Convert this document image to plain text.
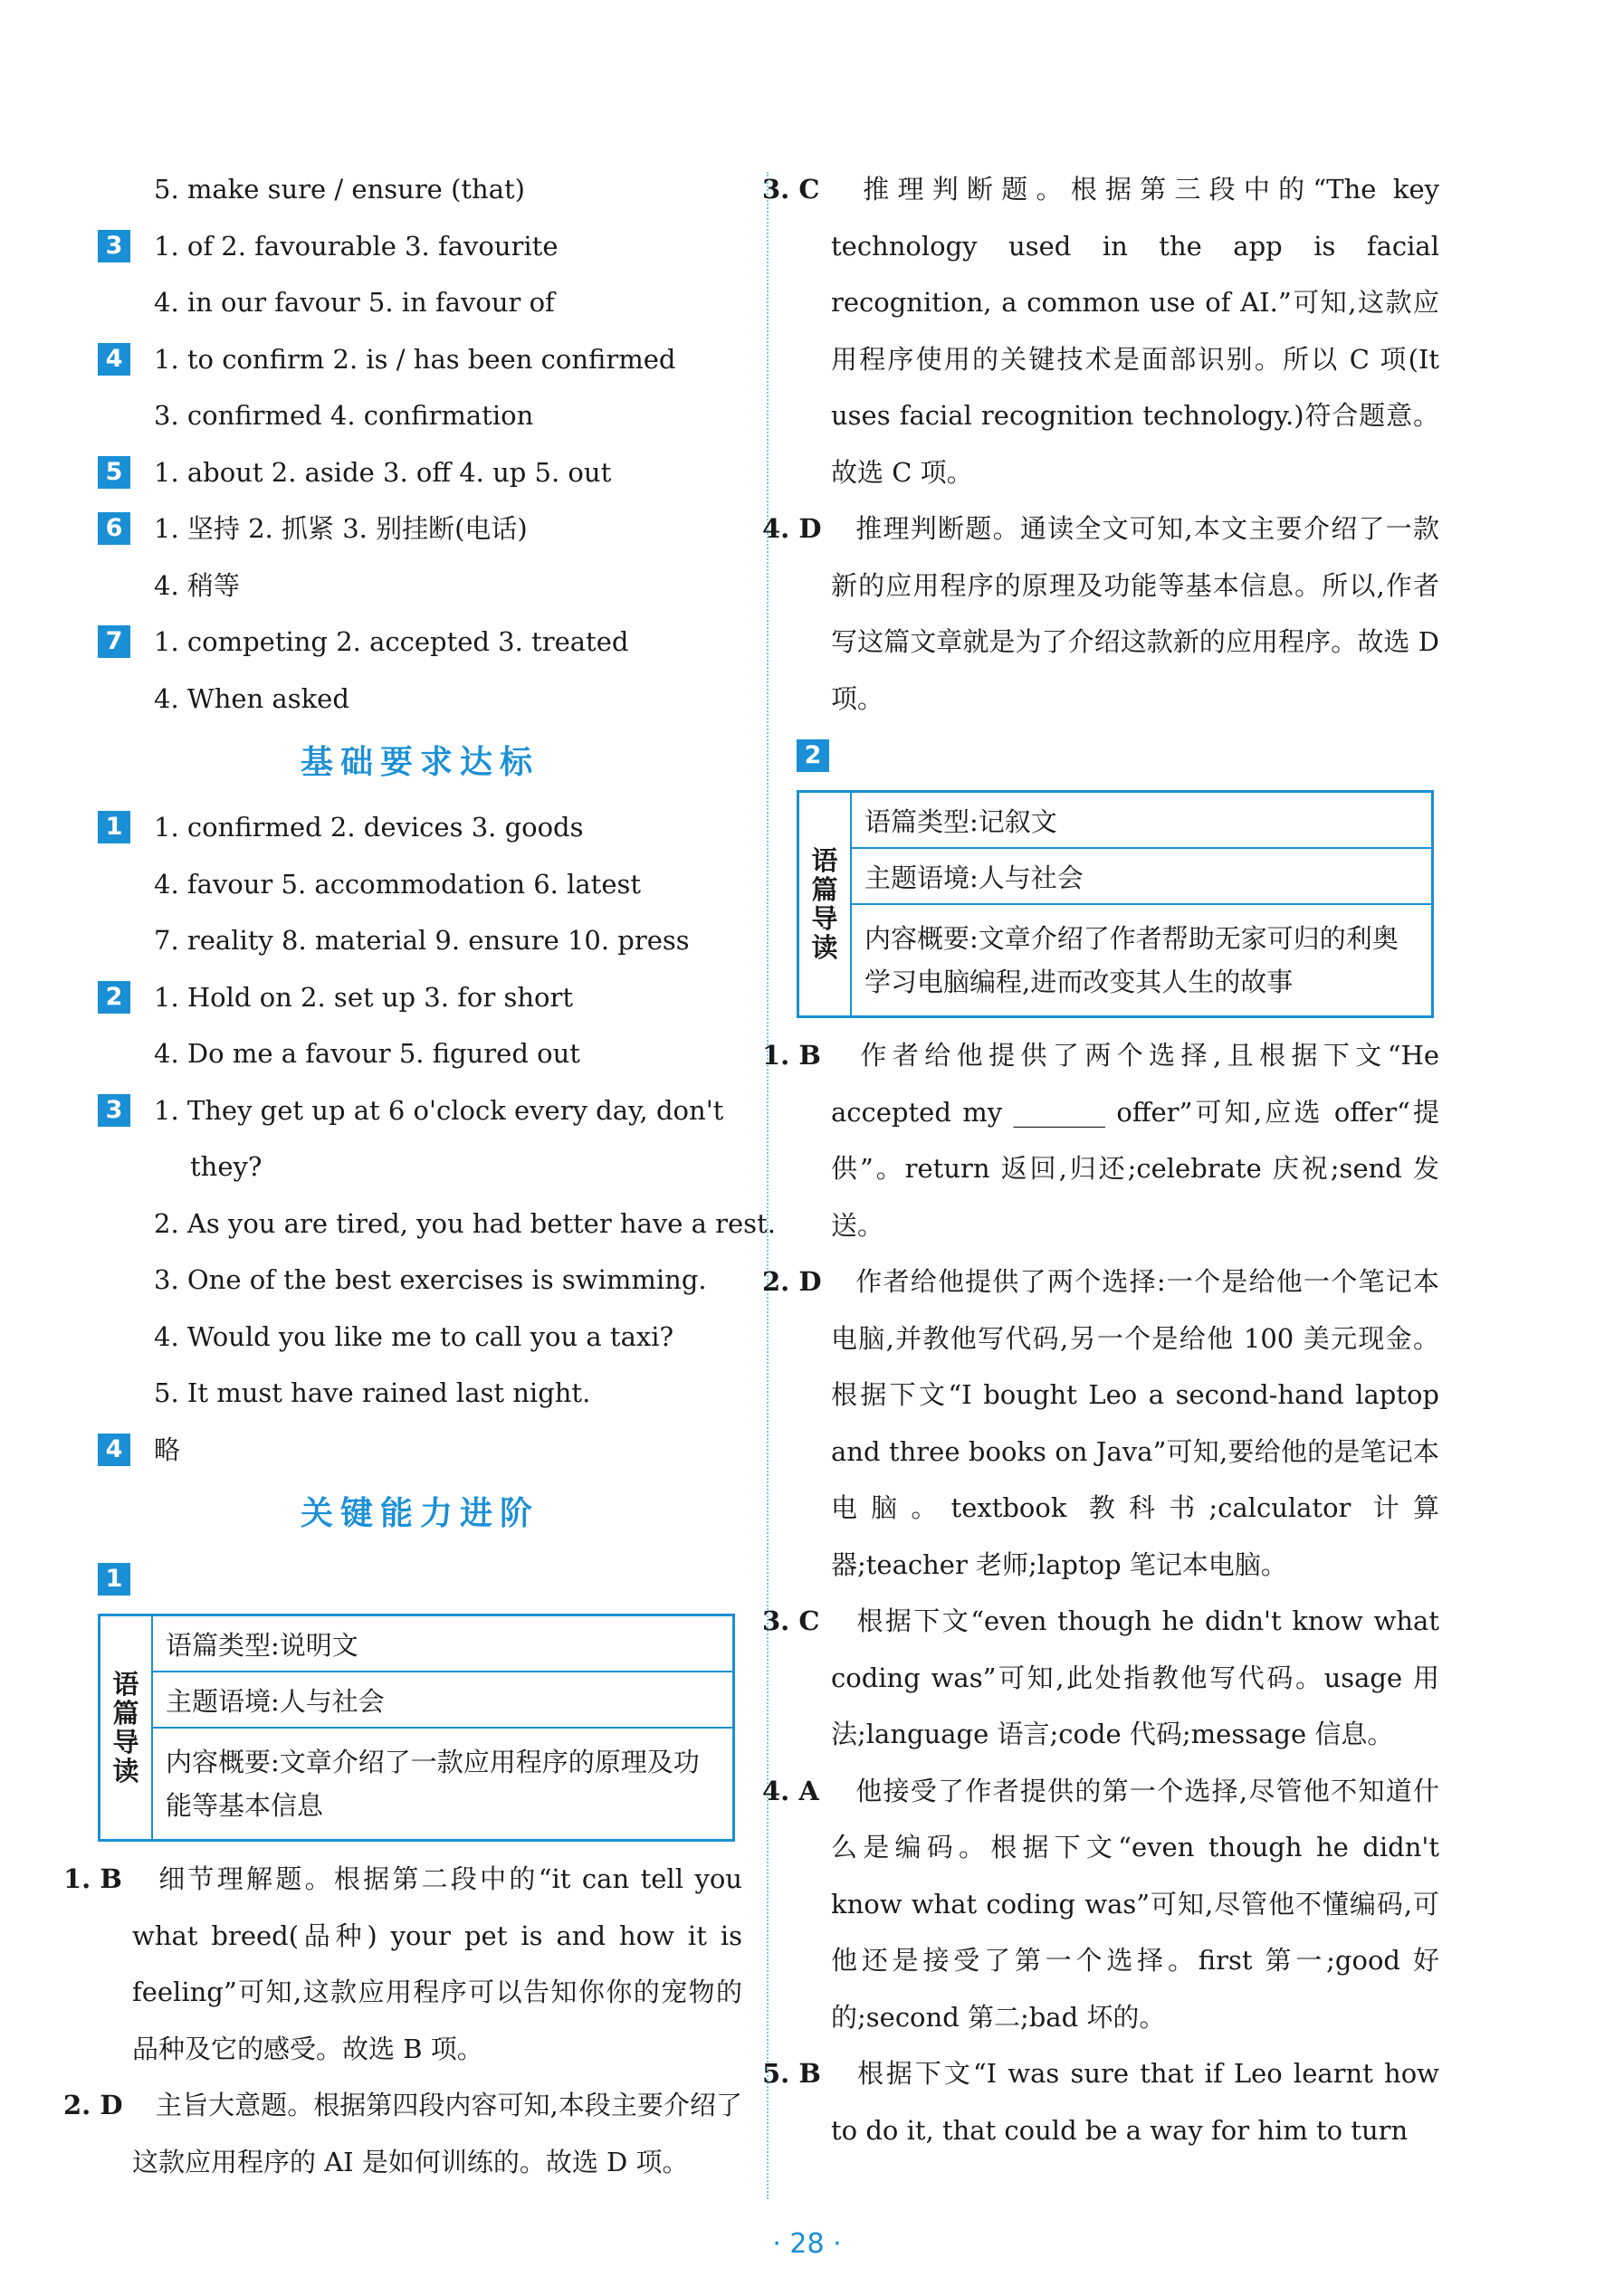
5. make sure / ensure (that)
3 1. of 2. favourable 3. favourite
4. in our favour 5. in favour of
4 1. to confirm 2. is / has been confirmed
3. confirmed 4. confirmation
5 1. about 2. aside 3. off 4. up 5. out
6 1. 坚持 2. 抓紧 3. 别挂断(电话)
4. 稍等
7 1. competing 2. accepted 3. treated
4. When asked
基础要求达标
1 1. confirmed 2. devices 3. goods
4. favour 5. accommodation 6. latest
7. reality 8. material 9. ensure 10. press
2 1. Hold on 2. set up 3. for short
4. Do me a favour 5. figured out
3 1. They get up at 6 o'clock every day, don't
they?
2. As you are tired, you had better have a rest.
3. One of the best exercises is swimming.
4. Would you like me to call you a taxi?
5. It must have rained last night.
4 略
关键能力进阶
1
语篇导读
语篇类型:说明文
主题语境:人与社会
内容概要:文章介绍了一款应用程序的原理及功能等基本信息
1. B 细节理解题。根据第二段中的“it can tell you what breed(品种) your pet is and how it is feeling”可知,这款应用程序可以告知你你的宠物的品种及它的感受。故选 B 项。
2. D 主旨大意题。根据第四段内容可知,本段主要介绍了这款应用程序的 AI 是如何训练的。故选 D 项。
3. C 推理判断题。根据第三段中的“The key technology used in the app is facial recognition, a common use of AI.”可知,这款应用程序使用的关键技术是面部识别。所以 C 项(It uses facial recognition technology.)符合题意。故选 C 项。
4. D 推理判断题。通读全文可知,本文主要介绍了一款新的应用程序的原理及功能等基本信息。所以,作者写这篇文章就是为了介绍这款新的应用程序。故选 D 项。
2
语篇导读
语篇类型:记叙文
主题语境:人与社会
内容概要:文章介绍了作者帮助无家可归的利奥学习电脑编程,进而改变其人生的故事
1. B 作者给他提供了两个选择,且根据下文“He accepted my _______ offer”可知,应选 offer“提供”。return 返回,归还;celebrate 庆祝;send 发送。
2. D 作者给他提供了两个选择:一个是给他一个笔记本电脑,并教他写代码,另一个是给他 100 美元现金。根据下文“I bought Leo a second-hand laptop and three books on Java”可知,要给他的是笔记本电脑。textbook 教科书;calculator 计算器;teacher 老师;laptop 笔记本电脑。
3. C 根据下文“even though he didn't know what coding was”可知,此处指教他写代码。usage 用法;language 语言;code 代码;message 信息。
4. A 他接受了作者提供的第一个选择,尽管他不知道什么是编码。根据下文“even though he didn't know what coding was”可知,尽管他不懂编码,可他还是接受了第一个选择。first 第一;good 好的;second 第二;bad 坏的。
5. B 根据下文“I was sure that if Leo learnt how to do it, that could be a way for him to turn
· 28 ·
